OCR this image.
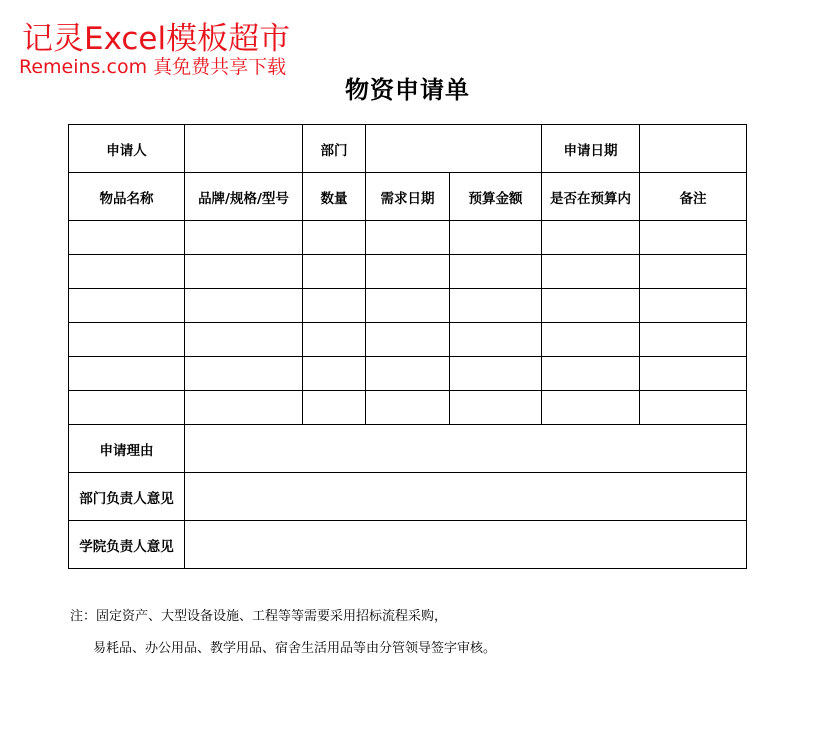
记灵Excel模板超市
Remeins.com 真免费共享下载
物资申请单
申请人		部门			申请日期	
物品名称	品牌/规格/型号	数量	需求日期	预算金额	是否在预算内	备注

申请理由						
部门负责人意见						
学院负责人意见						
注：固定资产、大型设备设施、工程等等需要采用招标流程采购，
易耗品、办公用品、教学用品、宿舍生活用品等由分管领导签字审核。
